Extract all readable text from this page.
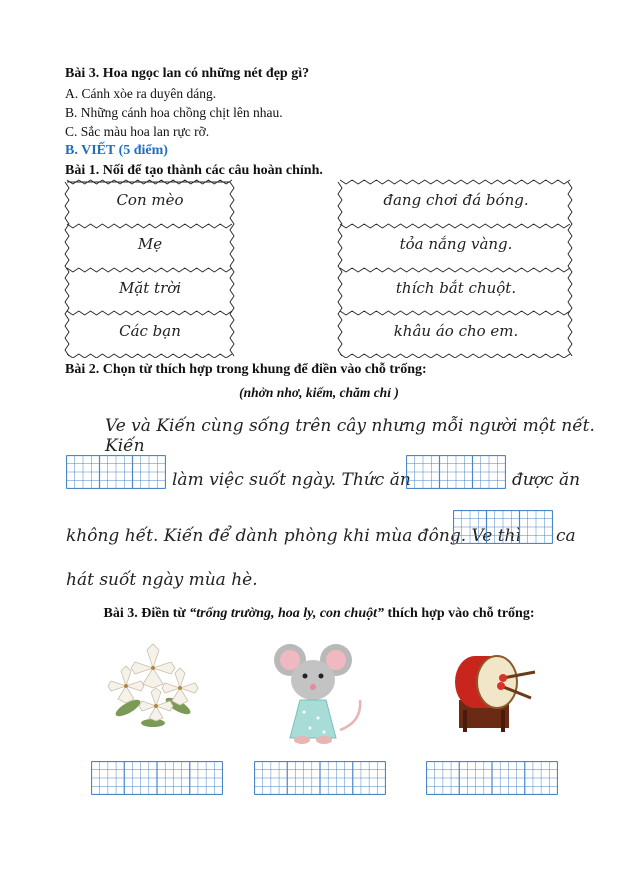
Bài 3. Hoa ngọc lan có những nét đẹp gì?
A. Cánh xòe ra duyên dáng.
B. Những cánh hoa chồng chịt lên nhau.
C. Sắc màu hoa lan rực rỡ.
B. VIẾT (5 điểm)
Bài 1. Nối để tạo thành các câu hoàn chỉnh.
Con mèo
Mẹ
Mặt trời
Các bạn
đang chơi đá bóng.
tỏa nắng vàng.
thích bắt chuột.
khâu áo cho em.
Bài 2. Chọn từ thích hợp trong khung để điền vào chỗ trống:
(nhởn nhơ, kiếm, chăm chỉ )
Ve và Kiến cùng sống trên cây nhưng mỗi người một nết. Kiến
làm việc suốt ngày. Thức ăn	được ăn
không hết. Kiến để dành phòng khi mùa đông. Ve thì ca
hát suốt ngày mùa hè.
Bài 3. Điền từ “trống trường, hoa ly, con chuột” thích hợp vào chỗ trống:
